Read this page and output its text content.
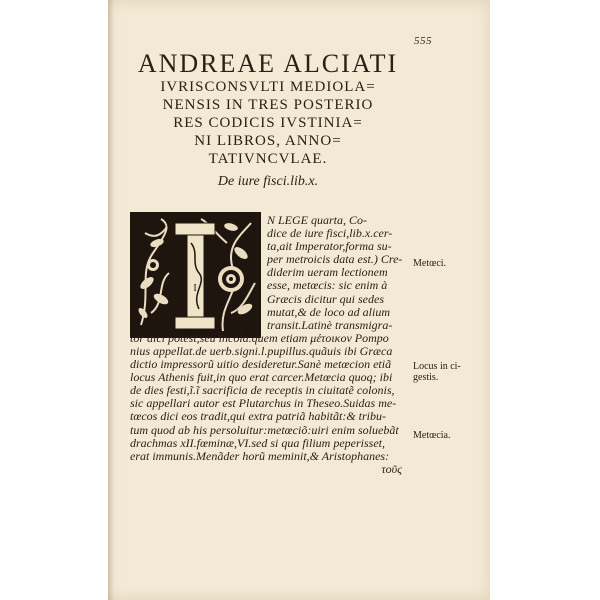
555
ANDREAE ALCIATI
IVRISCONSVLTI MEDIOLA=
NENSIS IN TRES POSTERIO
RES CODICIS IVSTINIA=
NI LIBROS, ANNO=
TATIVNCVLAE.
De iure fisci.lib.x.
I
N LEGE quarta, Co-
dice de iure fisci,lib.x.cer-
ta,ait Imperator,forma su-
per metroicis data est.) Cre-
diderim ueram lectionem
esse, metœcis: sic enim à
Græcis dicitur qui sedes
mutat,& de loco ad alium
transit.Latinè transmigra-
tor dici potest,seu incola.quem etiam μέτοικον Pompo
nius appellat.de uerb.signi.l.pupillus.quãuis ibi Græca
dictio impressorũ uitio desideretur.Sanè metœcion etiã
locus Athenis fuit,in quo erat carcer.Metœcia quoq; ibi
de dies festi,ĩ.ĩ sacrificia de receptis in ciuitatẽ colonis,
sic appellari autor est Plutarchus in Theseo.Suidas me-
tœcos dici eos tradit,qui extra patriã habitãt:& tribu-
tum quod ab his persoluitur:metœciõ:uiri enim soluebãt
drachmas xII.fœminæ,VI.sed si qua filium peperisset,
erat immunis.Menãder horũ meminit,& Aristophanes:
τοῦς
Metœci.
Locus in ci-
gestis.
Metœcia.
